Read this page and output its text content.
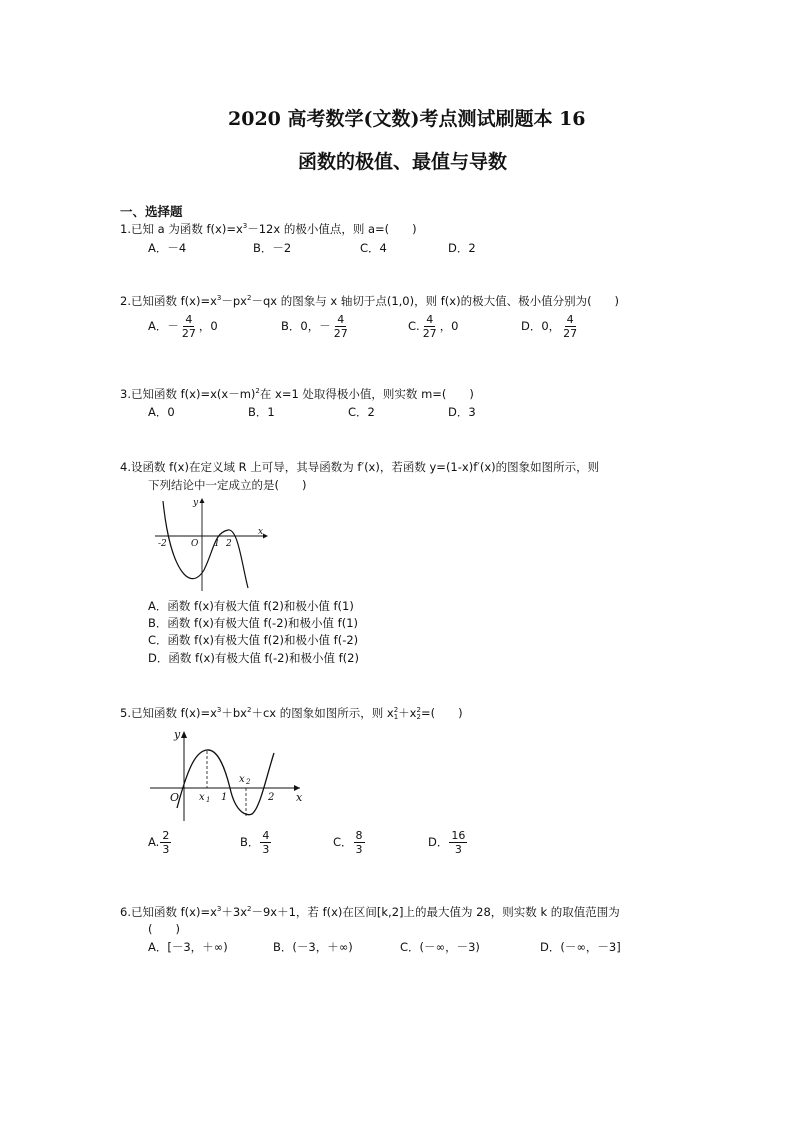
2020 高考数学(文数)考点测试刷题本 16
函数的极值、最值与导数
一、选择题
1.已知 a 为函数 $f(x)=x^3-12x$ 的极小值点，则 a=(　　)
A．－4	B．－2	C．4	D．2
2.已知函数 $f(x)=x^3-px^2-qx$ 的图象与 x 轴切于点(1,0)，则 f(x)的极大值、极小值分别为(　　)
A．－ $\frac{4}{27}$ ，0	B．0，－ $\frac{4}{27}$	C. $\frac{4}{27}$ ，0	D．0， $\frac{4}{27}$
3.已知函数 $f(x)=x(x-m)^2$在 x=1 处取得极小值，则实数 m=(　　)
A．0	B．1	C．2	D．3
4.设函数 f(x)在定义域 R 上可导，其导函数为 f′(x)，若函数 y=(1-x)f′(x)的图象如图所示，则
下列结论中一定成立的是(　　)
y
x
-2	O 1 2
A．函数 f(x)有极大值 f(2)和极小值 f(1)
B．函数 f(x)有极大值 f(-2)和极小值 f(1)
C．函数 f(x)有极大值 f(2)和极小值 f(-2)
D．函数 f(x)有极大值 f(-2)和极小值 f(2)
5.已知函数 $f(x)=x^3+bx^2+cx$ 的图象如图所示，则 x 2
1 ＋x 2
2 =(　　)
y
x
O x 1 1
x 2
2
A. $\frac{2}{3}$	B． $\frac{4}{3}$	C． $\frac{8}{3}$	D． $\frac{16}{3}$
6.已知函数 $f(x)=x^3+3x^2-9x+1$，若 f(x)在区间[k,2]上的最大值为 28，则实数 k 的取值范围为
(　　)
A．[－3，＋∞)	B．(－3，＋∞)	C．(－∞，－3)	D．(－∞，－3]
